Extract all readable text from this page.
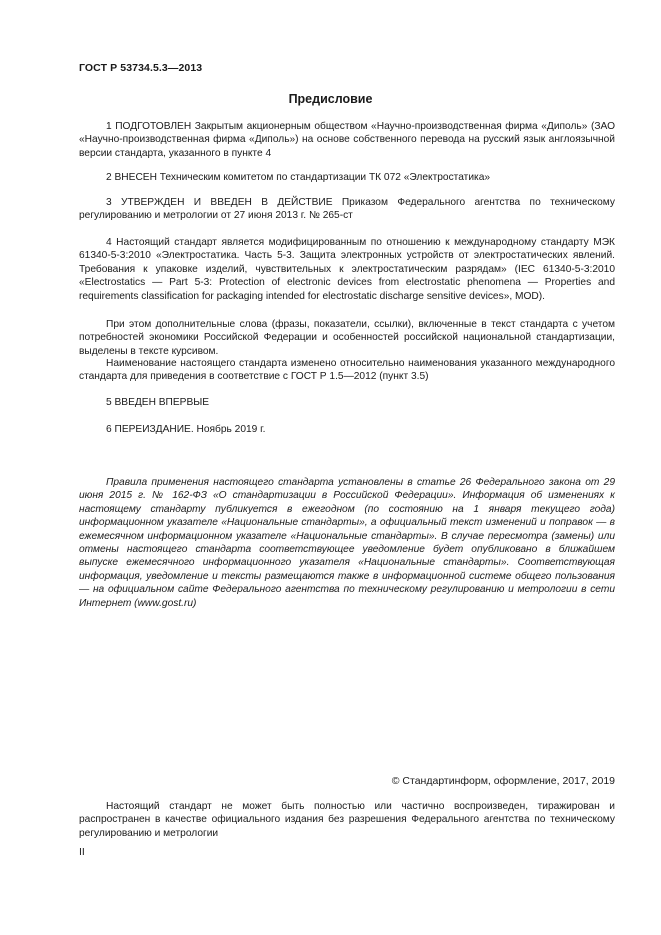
ГОСТ Р 53734.5.3—2013
Предисловие
1 ПОДГОТОВЛЕН Закрытым акционерным обществом «Научно-производственная фирма «Диполь» (ЗАО «Научно-производственная фирма «Диполь») на основе собственного перевода на русский язык англоязычной версии стандарта, указанного в пункте 4
2 ВНЕСЕН Техническим комитетом по стандартизации ТК 072 «Электростатика»
3 УТВЕРЖДЕН И ВВЕДЕН В ДЕЙСТВИЕ Приказом Федерального агентства по техническому регулированию и метрологии от 27 июня 2013 г. № 265-ст
4 Настоящий стандарт является модифицированным по отношению к международному стандарту МЭК 61340-5-3:2010 «Электростатика. Часть 5-3. Защита электронных устройств от электростатических явлений. Требования к упаковке изделий, чувствительных к электростатическим разрядам» (IEC 61340-5-3:2010 «Electrostatics — Part 5-3: Protection of electronic devices from electrostatic phenomena — Properties and requirements classification for packaging intended for electrostatic discharge sensitive devices», MOD).
При этом дополнительные слова (фразы, показатели, ссылки), включенные в текст стандарта с учетом потребностей экономики Российской Федерации и особенностей российской национальной стандартизации, выделены в тексте курсивом.
Наименование настоящего стандарта изменено относительно наименования указанного международного стандарта для приведения в соответствие с ГОСТ Р 1.5—2012 (пункт 3.5)
5 ВВЕДЕН ВПЕРВЫЕ
6 ПЕРЕИЗДАНИЕ. Ноябрь 2019 г.
Правила применения настоящего стандарта установлены в статье 26 Федерального закона от 29 июня 2015 г. № 162-ФЗ «О стандартизации в Российской Федерации». Информация об изменениях к настоящему стандарту публикуется в ежегодном (по состоянию на 1 января текущего года) информационном указателе «Национальные стандарты», а официальный текст изменений и поправок — в ежемесячном информационном указателе «Национальные стандарты». В случае пересмотра (замены) или отмены настоящего стандарта соответствующее уведомление будет опубликовано в ближайшем выпуске ежемесячного информационного указателя «Национальные стандарты». Соответствующая информация, уведомление и тексты размещаются также в информационной системе общего пользования — на официальном сайте Федерального агентства по техническому регулированию и метрологии в сети Интернет (www.gost.ru)
© Стандартинформ, оформление, 2017, 2019
Настоящий стандарт не может быть полностью или частично воспроизведен, тиражирован и распространен в качестве официального издания без разрешения Федерального агентства по техническому регулированию и метрологии
II
